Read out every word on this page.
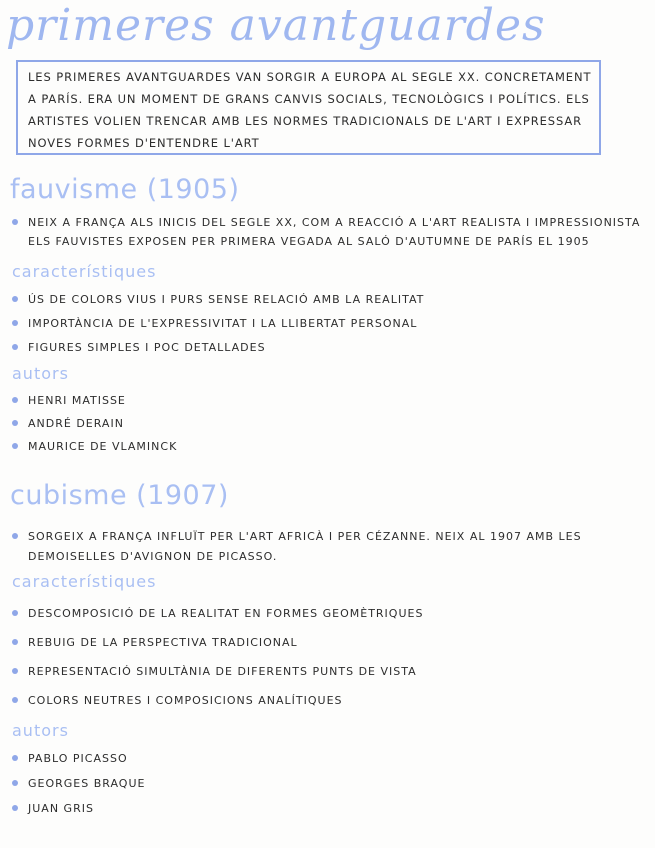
primeres avantguardes
LES PRIMERES AVANTGUARDES VAN SORGIR A EUROPA AL SEGLE XX. CONCRETAMENT
A PARÍS. ERA UN MOMENT DE GRANS CANVIS SOCIALS, TECNOLÒGICS I POLÍTICS. ELS
ARTISTES VOLIEN TRENCAR AMB LES NORMES TRADICIONALS DE L'ART I EXPRESSAR
NOVES FORMES D'ENTENDRE L'ART
fauvisme (1905)
NEIX A FRANÇA ALS INICIS DEL SEGLE XX, COM A REACCIÓ A L'ART REALISTA I IMPRESSIONISTA
ELS FAUVISTES EXPOSEN PER PRIMERA VEGADA AL SALÓ D'AUTUMNE DE PARÍS EL 1905
característiques
ÚS DE COLORS VIUS I PURS SENSE RELACIÓ AMB LA REALITAT
IMPORTÀNCIA DE L'EXPRESSIVITAT I LA LLIBERTAT PERSONAL
FIGURES SIMPLES I POC DETALLADES
autors
HENRI MATISSE
ANDRÉ DERAIN
MAURICE DE VLAMINCK
cubisme (1907)
SORGEIX A FRANÇA INFLUÏT PER L'ART AFRICÀ I PER CÉZANNE. NEIX AL 1907 AMB LES
DEMOISELLES D'AVIGNON DE PICASSO.
característiques
DESCOMPOSICIÓ DE LA REALITAT EN FORMES GEOMÈTRIQUES
REBUIG DE LA PERSPECTIVA TRADICIONAL
REPRESENTACIÓ SIMULTÀNIA DE DIFERENTS PUNTS DE VISTA
COLORS NEUTRES I COMPOSICIONS ANALÍTIQUES
autors
PABLO PICASSO
GEORGES BRAQUE
JUAN GRIS
